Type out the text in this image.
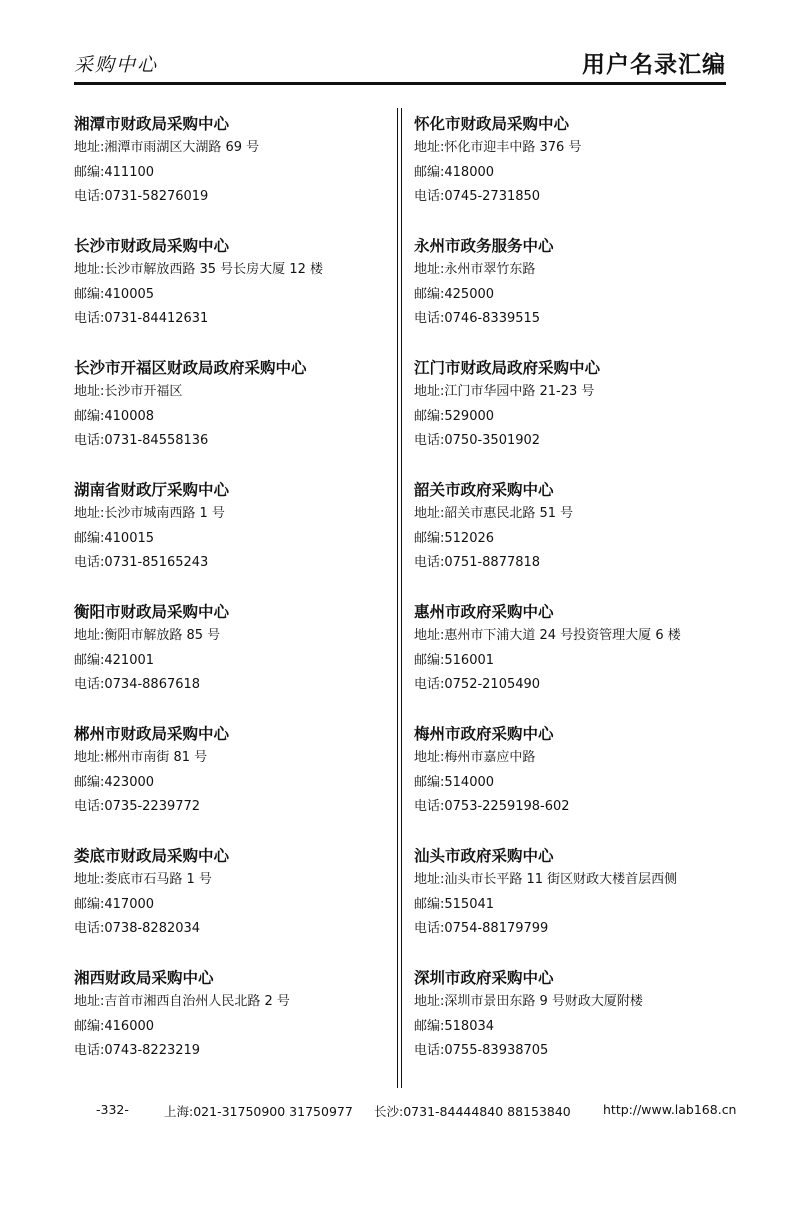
采购中心	用户名录汇编
湘潭市财政局采购中心
地址:湘潭市雨湖区大湖路 69 号
邮编:411100
电话:0731-58276019
长沙市财政局采购中心
地址:长沙市解放西路 35 号长房大厦 12 楼
邮编:410005
电话:0731-84412631
长沙市开福区财政局政府采购中心
地址:长沙市开福区
邮编:410008
电话:0731-84558136
湖南省财政厅采购中心
地址:长沙市城南西路 1 号
邮编:410015
电话:0731-85165243
衡阳市财政局采购中心
地址:衡阳市解放路 85 号
邮编:421001
电话:0734-8867618
郴州市财政局采购中心
地址:郴州市南街 81 号
邮编:423000
电话:0735-2239772
娄底市财政局采购中心
地址:娄底市石马路 1 号
邮编:417000
电话:0738-8282034
湘西财政局采购中心
地址:吉首市湘西自治州人民北路 2 号
邮编:416000
电话:0743-8223219
怀化市财政局采购中心
地址:怀化市迎丰中路 376 号
邮编:418000
电话:0745-2731850
永州市政务服务中心
地址:永州市翠竹东路
邮编:425000
电话:0746-8339515
江门市财政局政府采购中心
地址:江门市华园中路 21-23 号
邮编:529000
电话:0750-3501902
韶关市政府采购中心
地址:韶关市惠民北路 51 号
邮编:512026
电话:0751-8877818
惠州市政府采购中心
地址:惠州市下浦大道 24 号投资管理大厦 6 楼
邮编:516001
电话:0752-2105490
梅州市政府采购中心
地址:梅州市嘉应中路
邮编:514000
电话:0753-2259198-602
汕头市政府采购中心
地址:汕头市长平路 11 街区财政大楼首层西侧
邮编:515041
电话:0754-88179799
深圳市政府采购中心
地址:深圳市景田东路 9 号财政大厦附楼
邮编:518034
电话:0755-83938705
-332-	上海:021-31750900 31750977 长沙:0731-84444840 88153840	http://www.lab168.cn
